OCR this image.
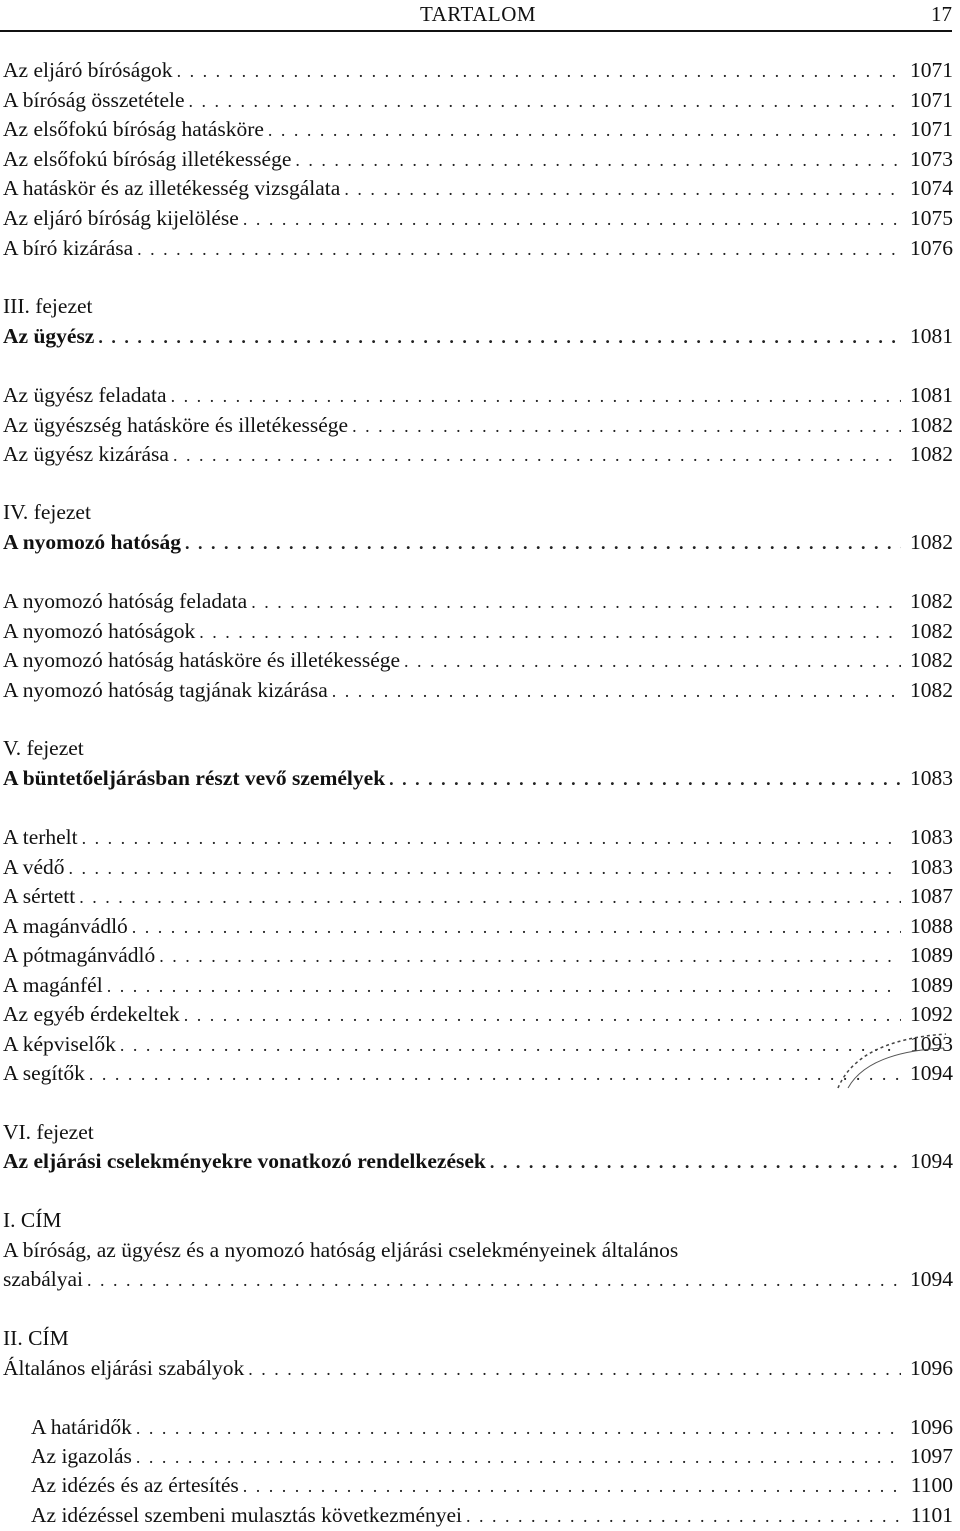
TARTALOM	17
Az eljáró bíróságok . . .	1071
A bíróság összetétele . . .	1071
Az elsőfokú bíróság hatásköre . . .	1071
Az elsőfokú bíróság illetékessége . . .	1073
A hatáskör és az illetékesség vizsgálata . . .	1074
Az eljáró bíróság kijelölése . . .	1075
A bíró kizárása . . .	1076
III. fejezet
Az ügyész . . .	1081
Az ügyész feladata . . .	1081
Az ügyészség hatásköre és illetékessége . . .	1082
Az ügyész kizárása . . .	1082
IV. fejezet
A nyomozó hatóság . . .	1082
A nyomozó hatóság feladata . . .	1082
A nyomozó hatóságok . . .	1082
A nyomozó hatóság hatásköre és illetékessége . . .	1082
A nyomozó hatóság tagjának kizárása . . .	1082
V. fejezet
A büntetőeljárásban részt vevő személyek . . .	1083
A terhelt . . .	1083
A védő . . .	1083
A sértett . . .	1087
A magánvádló . . .	1088
A pótmagánvádló . . .	1089
A magánfél . . .	1089
Az egyéb érdekeltek . . .	1092
A képviselők . . .	1093
A segítők . . .	1094
VI. fejezet
Az eljárási cselekményekre vonatkozó rendelkezések . . .	1094
I. CÍM
A bíróság, az ügyész és a nyomozó hatóság eljárási cselekményeinek általános
szabályai . . .	1094
II. CÍM
Általános eljárási szabályok . . .	1096
A határidők . . .	1096
Az igazolás . . .	1097
Az idézés és az értesítés . . .	1100
Az idézéssel szembeni mulasztás következményei . . .	1101
